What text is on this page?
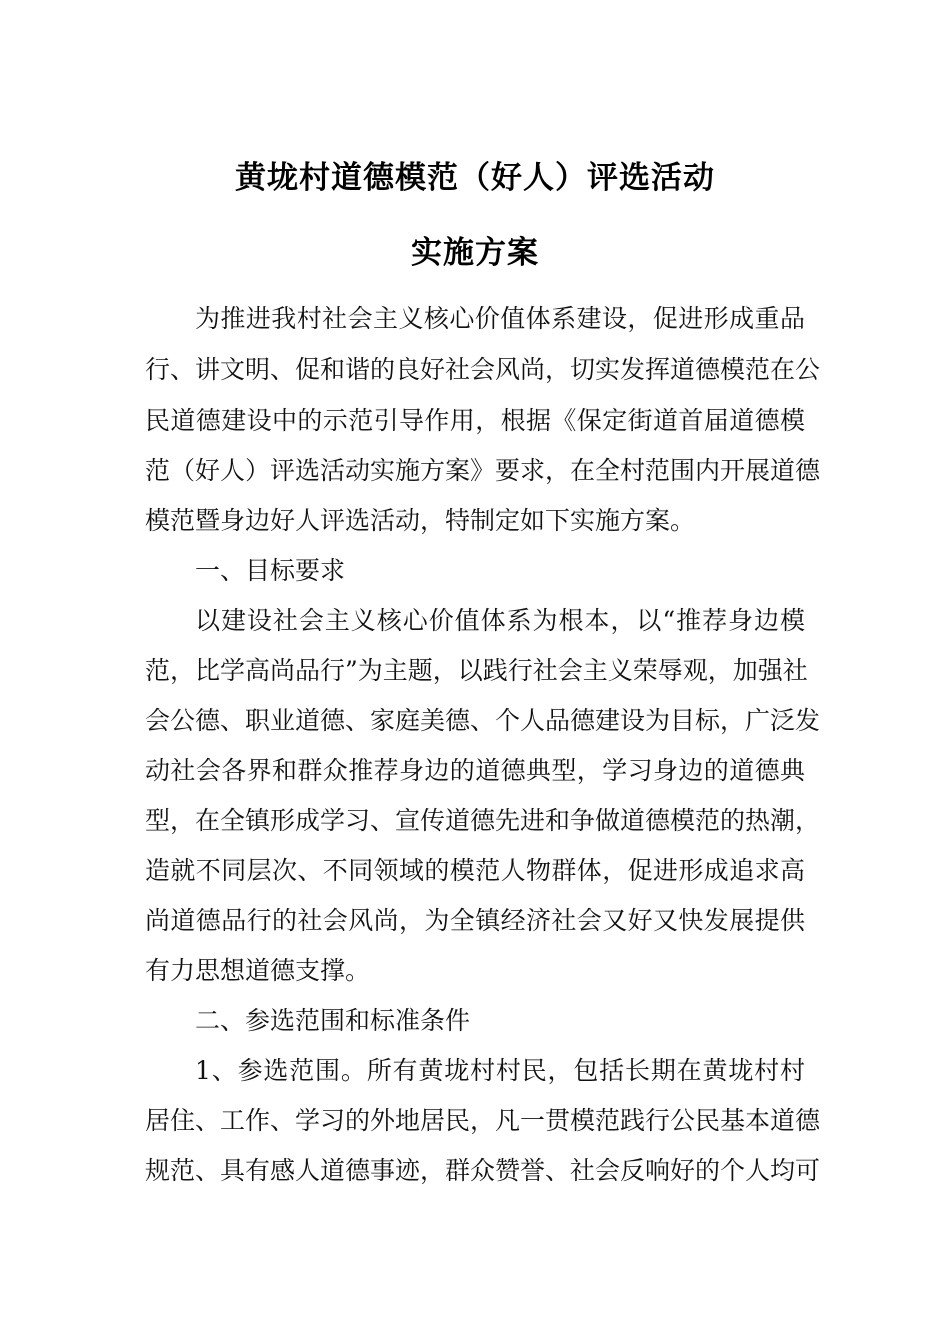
黄垅村道德模范（好人）评选活动
实施方案
为推进我村社会主义核心价值体系建设，促进形成重品
行、讲文明、促和谐的良好社会风尚，切实发挥道德模范在公
民道德建设中的示范引导作用，根据《保定街道首届道德模
范（好人）评选活动实施方案》要求，在全村范围内开展道德
模范暨身边好人评选活动，特制定如下实施方案。
一、目标要求
以建设社会主义核心价值体系为根本，以“推荐身边模
范，比学高尚品行”为主题，以践行社会主义荣辱观，加强社
会公德、职业道德、家庭美德、个人品德建设为目标，广泛发
动社会各界和群众推荐身边的道德典型，学习身边的道德典
型，在全镇形成学习、宣传道德先进和争做道德模范的热潮，
造就不同层次、不同领域的模范人物群体，促进形成追求高
尚道德品行的社会风尚，为全镇经济社会又好又快发展提供
有力思想道德支撑。
二、参选范围和标准条件
1、参选范围。所有黄垅村村民，包括长期在黄垅村村
居住、工作、学习的外地居民，凡一贯模范践行公民基本道德
规范、具有感人道德事迹，群众赞誉、社会反响好的个人均可
